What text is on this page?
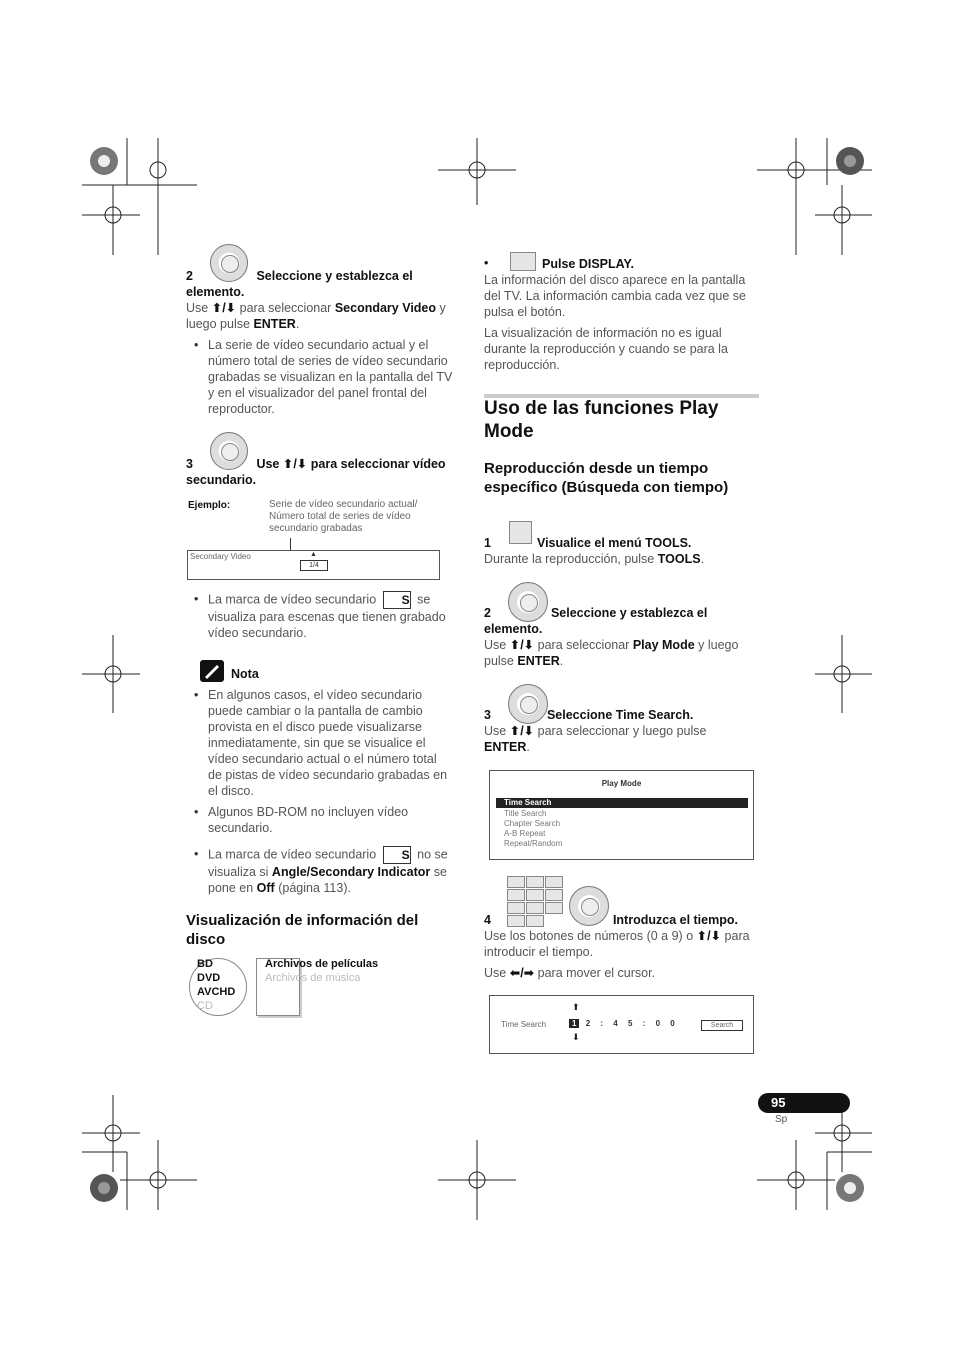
2	Seleccione y establezca el
elemento.
Use ⬆/⬇ para seleccionar Secondary Video y
luego pulse ENTER.
• La serie de vídeo secundario actual y el
número total de series de vídeo secundario
grabadas se visualizan en la pantalla del TV
y en el visualizador del panel frontal del
reproductor.
3	Use ⬆/⬇ para seleccionar vídeo
secundario.
Ejemplo:	Serie de vídeo secundario actual/
Número total de series de vídeo
secundario grabadas
Secondary Video	▲
1/4
• La marca de vídeo secundario S se
visualiza para escenas que tienen grabado
vídeo secundario.
Nota
• En algunos casos, el vídeo secundario
puede cambiar o la pantalla de cambio
provista en el disco puede visualizarse
inmediatamente, sin que se visualice el
vídeo secundario actual o el número total
de pistas de vídeo secundario grabadas en
el disco.
• Algunos BD-ROM no incluyen vídeo
secundario.
• La marca de vídeo secundario S no se
visualiza si Angle/Secondary Indicator se
pone en Off (página 113).
Visualización de información del
disco
BD
DVD
AVCHD
CD
Archivos de películas
Archivos de música
•	Pulse DISPLAY.
La información del disco aparece en la pantalla
del TV. La información cambia cada vez que se
pulsa el botón.
La visualización de información no es igual
durante la reproducción y cuando se para la
reproducción.
Uso de las funciones Play
Mode
Reproducción desde un tiempo
específico (Búsqueda con tiempo)
1	Visualice el menú TOOLS.
Durante la reproducción, pulse TOOLS.
2	Seleccione y establezca el
elemento.
Use ⬆/⬇ para seleccionar Play Mode y luego
pulse ENTER.
3	Seleccione Time Search.
Use ⬆/⬇ para seleccionar y luego pulse
ENTER.
Play Mode
Time Search
Title Search
Chapter Search
A-B Repeat
Repeat/Random
4	Introduzca el tiempo.
Use los botones de números (0 a 9) o ⬆/⬇ para
introducir el tiempo.
Use ⬅/➡ para mover el cursor.
⬆
Time Search	1 2 : 4 5 : 0 0	Search
⬇
95
Sp
